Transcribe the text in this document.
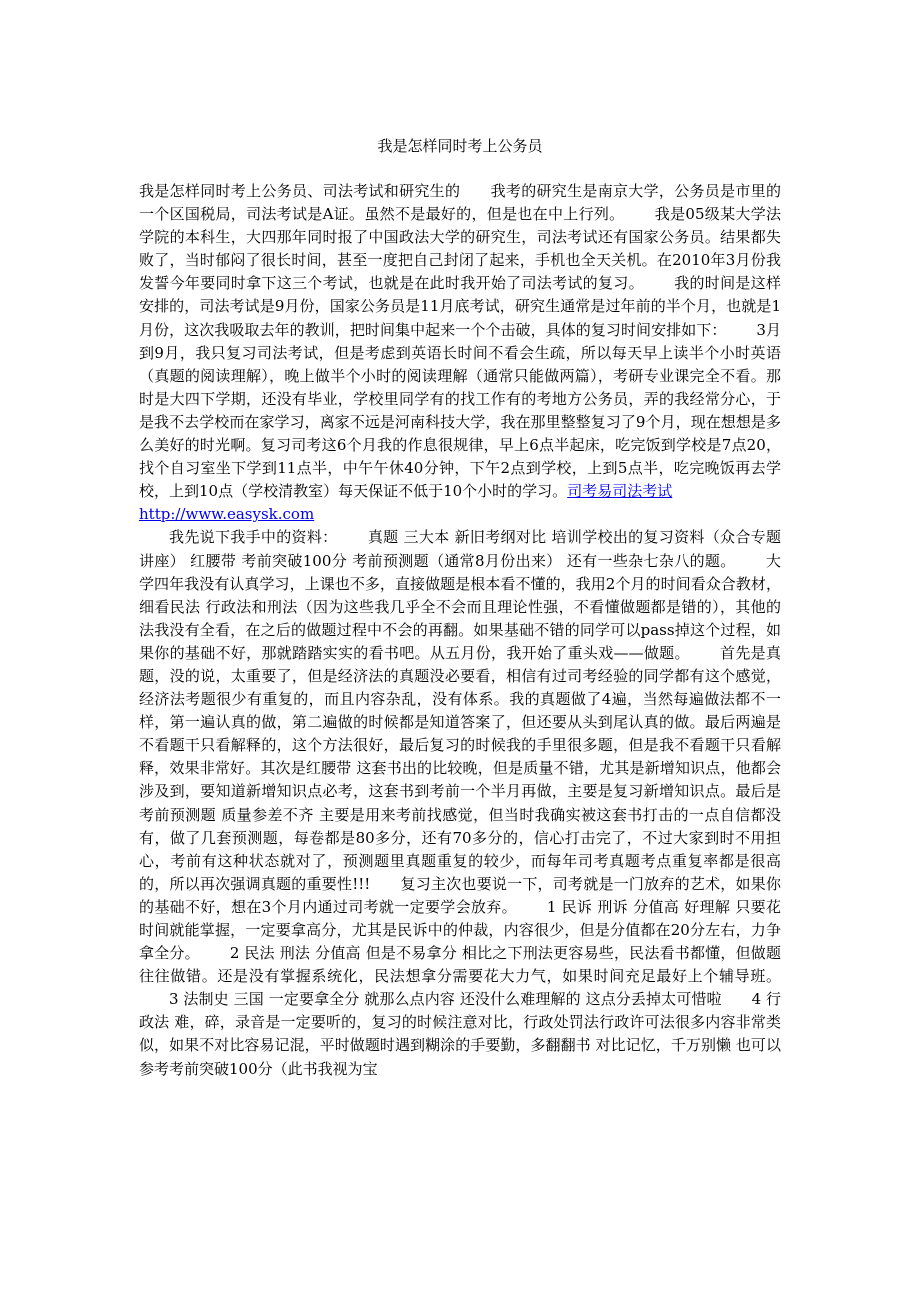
我是怎样同时考上公务员

我是怎样同时考上公务员、司法考试和研究生的 我考的研究生是南京大学，公务员是市里的一个区国税局，司法考试是A证。虽然不是最好的，但是也在中上行列。 我是05级某大学法学院的本科生，大四那年同时报了中国政法大学的研究生，司法考试还有国家公务员。结果都失败了，当时郁闷了很长时间，甚至一度把自己封闭了起来，手机也全天关机。在2010年3月份我发誓今年要同时拿下这三个考试，也就是在此时我开始了司法考试的复习。 我的时间是这样安排的，司法考试是9月份，国家公务员是11月底考试，研究生通常是过年前的半个月，也就是1月份，这次我吸取去年的教训，把时间集中起来一个个击破，具体的复习时间安排如下： 3月到9月，我只复习司法考试，但是考虑到英语长时间不看会生疏，所以每天早上读半个小时英语（真题的阅读理解），晚上做半个小时的阅读理解（通常只能做两篇），考研专业课完全不看。那时是大四下学期，还没有毕业，学校里同学有的找工作有的考地方公务员，弄的我经常分心，于是我不去学校而在家学习，离家不远是河南科技大学，我在那里整整复习了9个月，现在想想是多么美好的时光啊。复习司考这6个月我的作息很规律，早上6点半起床，吃完饭到学校是7点20，找个自习室坐下学到11点半，中午午休40分钟，下午2点到学校，上到5点半，吃完晚饭再去学校，上到10点（学校清教室）每天保证不低于10个小时的学习。司考易司法考试
http://www.easysk.com

我先说下我手中的资料： 真题 三大本 新旧考纲对比 培训学校出的复习资料（众合专题讲座） 红腰带 考前突破100分 考前预测题（通常8月份出来） 还有一些杂七杂八的题。 大学四年我没有认真学习，上课也不多，直接做题是根本看不懂的，我用2个月的时间看众合教材，细看民法 行政法和刑法（因为这些我几乎全不会而且理论性强，不看懂做题都是错的），其他的法我没有全看，在之后的做题过程中不会的再翻。如果基础不错的同学可以pass掉这个过程，如果你的基础不好，那就踏踏实实的看书吧。从五月份，我开始了重头戏——做题。 首先是真题，没的说，太重要了，但是经济法的真题没必要看，相信有过司考经验的同学都有这个感觉，经济法考题很少有重复的，而且内容杂乱，没有体系。我的真题做了4遍，当然每遍做法都不一样，第一遍认真的做，第二遍做的时候都是知道答案了，但还要从头到尾认真的做。最后两遍是不看题干只看解释的，这个方法很好，最后复习的时候我的手里很多题，但是我不看题干只看解释，效果非常好。其次是红腰带 这套书出的比较晚，但是质量不错，尤其是新增知识点，他都会涉及到，要知道新增知识点必考，这套书到考前一个半月再做，主要是复习新增知识点。最后是考前预测题 质量参差不齐 主要是用来考前找感觉，但当时我确实被这套书打击的一点自信都没有，做了几套预测题，每卷都是80多分，还有70多分的，信心打击完了，不过大家到时不用担心，考前有这种状态就对了，预测题里真题重复的较少，而每年司考真题考点重复率都是很高的，所以再次强调真题的重要性!!! 复习主次也要说一下，司考就是一门放弃的艺术，如果你的基础不好，想在3个月内通过司考就一定要学会放弃。 1 民诉 刑诉 分值高 好理解 只要花时间就能掌握，一定要拿高分，尤其是民诉中的仲裁，内容很少，但是分值都在20分左右，力争拿全分。 2 民法 刑法 分值高 但是不易拿分 相比之下刑法更容易些，民法看书都懂，但做题往往做错。还是没有掌握系统化，民法想拿分需要花大力气，如果时间充足最好上个辅导班。3 法制史 三国 一定要拿全分 就那么点内容 还没什么难理解的 这点分丢掉太可惜啦 4 行政法 难，碎，录音是一定要听的，复习的时候注意对比，行政处罚法行政许可法很多内容非常类似，如果不对比容易记混，平时做题时遇到糊涂的手要勤，多翻翻书 对比记忆，千万别懒 也可以参考考前突破100分（此书我视为宝
